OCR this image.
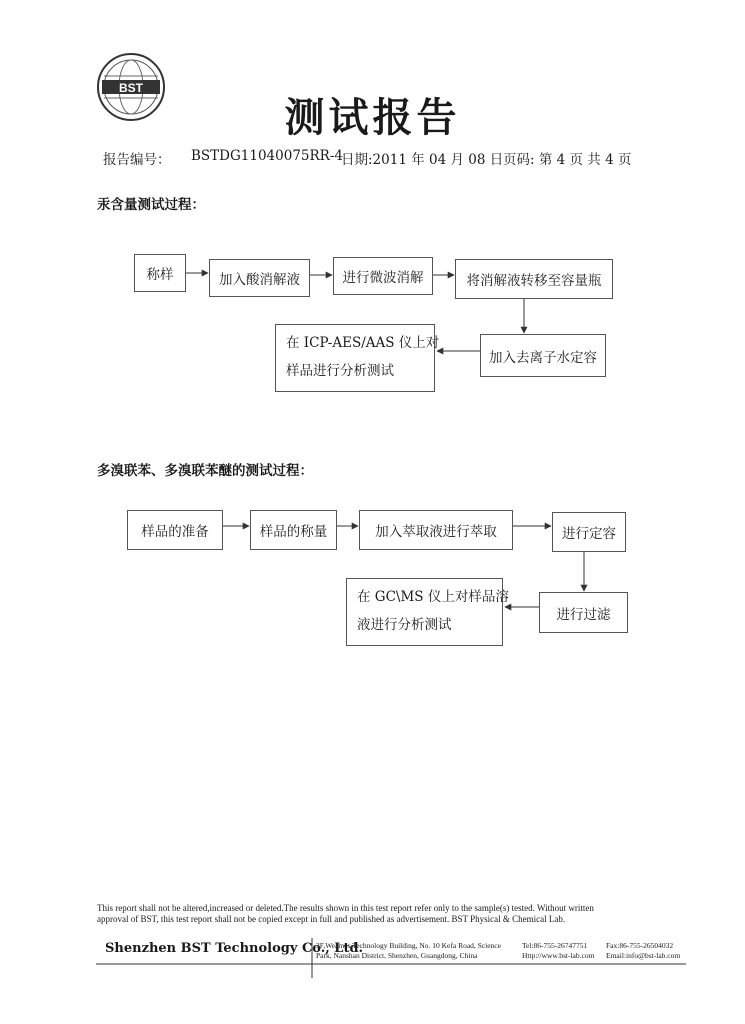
BST
测试报告
报告编号： BSTDG11040075RR-4
日期:2011 年 04 月 08 日 页码: 第 4 页 共 4 页
汞含量测试过程：
称样	加入酸消解液	进行微波消解	将消解液转移至容量瓶
加入去离子水定容
在 ICP-AES/AAS 仪上对
样品进行分析测试
多溴联苯、多溴联苯醚的测试过程：
样品的准备	样品的称量	加入萃取液进行萃取	进行定容
进行过滤
在 GC\MS 仪上对样品溶
液进行分析测试
This report shall not be altered,increased or deleted.The results shown in this test report refer only to the sample(s) tested. Without written
approval of BST, this test report shall not be copied except in full and published as advertisement. BST Physical & Chemical Lab.
Shenzhen BST Technology Co., Ltd.
3F,Weames Technology Building, No. 10 Kefa Road, Science
Park, Nanshan District, Shenzhen, Guangdong, China
Tel:86-755-26747751
Http://www.bst-lab.com
Fax:86-755-26504032
Email:info@bst-lab.com
